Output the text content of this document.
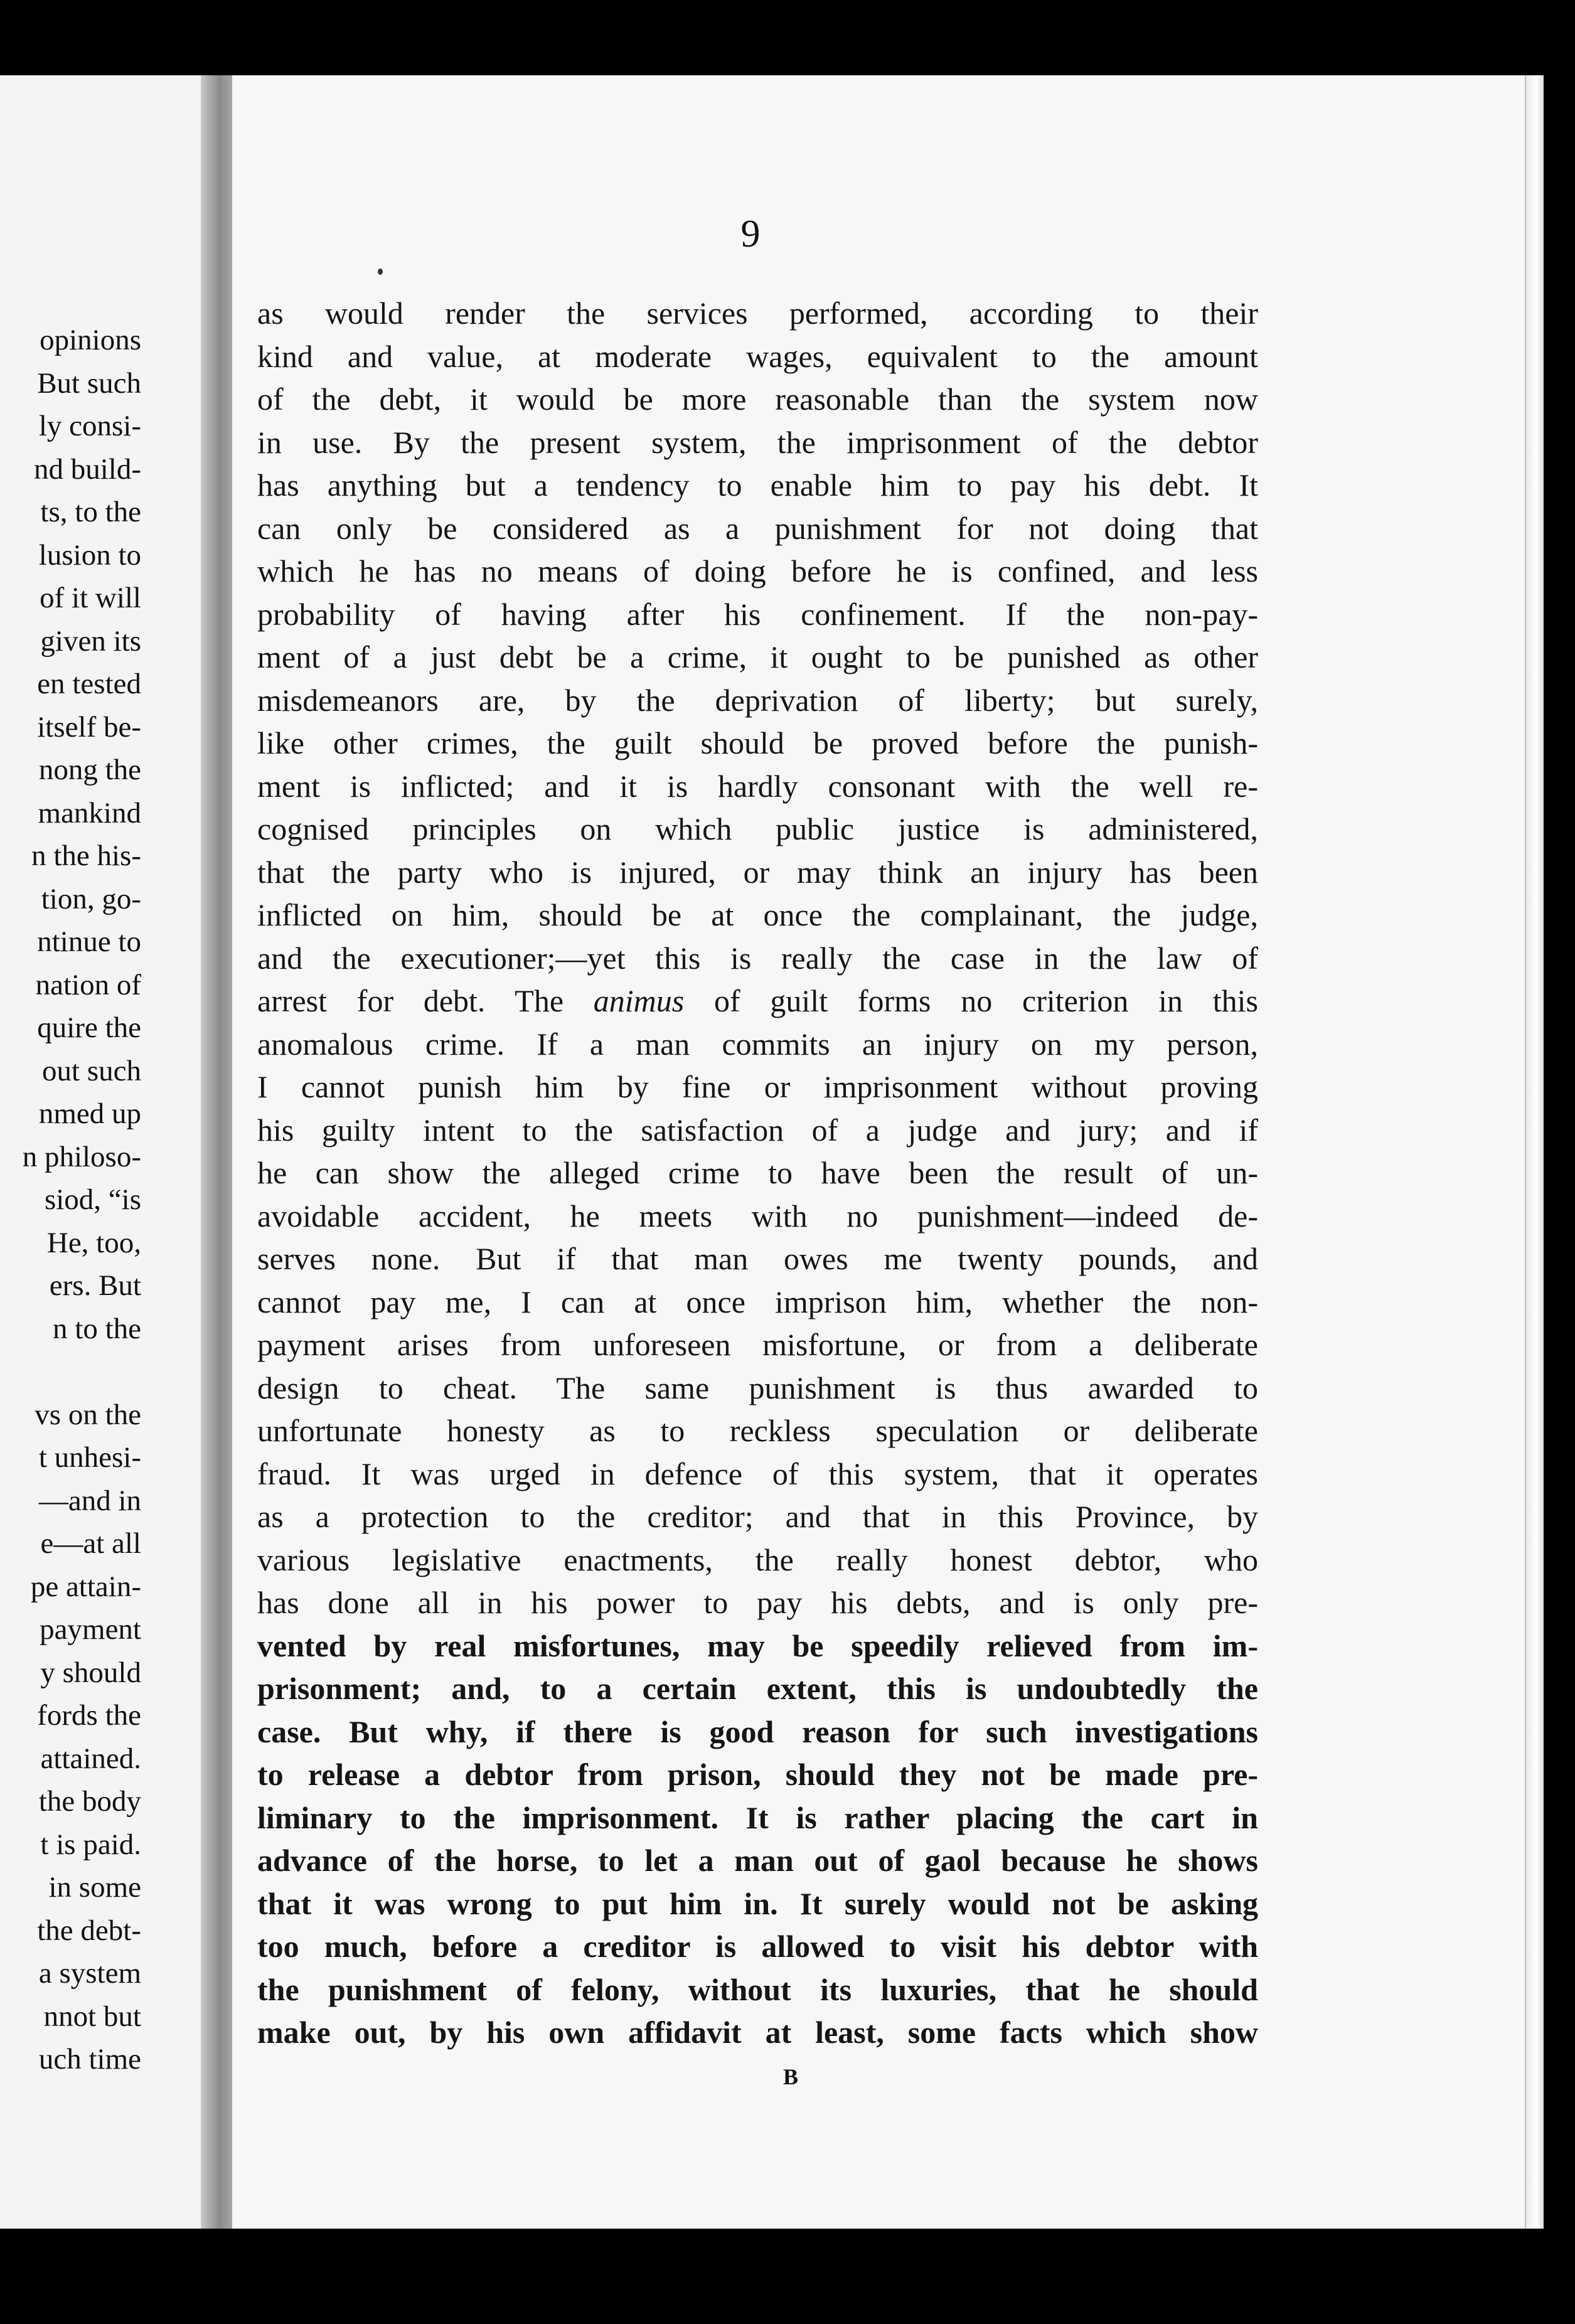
opinions
But such
ly consi-
nd build-
ts, to the
lusion to
of it will
given its
en tested
itself be-
nong the
mankind
n the his-
tion, go-
ntinue to
nation of
quire the
out such
nmed up
n philoso-
siod, “is
He, too,
ers. But
n to the
vs on the
t unhesi-
—and in
e—at all
pe attain-
payment
y should
fords the
attained.
the body
t is paid.
in some
the debt-
a system
nnot but
uch time
9
as would render the services performed, according to their
kind and value, at moderate wages, equivalent to the amount
of the debt, it would be more reasonable than the system now
in use. By the present system, the imprisonment of the debtor
has anything but a tendency to enable him to pay his debt. It
can only be considered as a punishment for not doing that
which he has no means of doing before he is confined, and less
probability of having after his confinement. If the non-pay-
ment of a just debt be a crime, it ought to be punished as other
misdemeanors are, by the deprivation of liberty; but surely,
like other crimes, the guilt should be proved before the punish-
ment is inflicted; and it is hardly consonant with the well re-
cognised principles on which public justice is administered,
that the party who is injured, or may think an injury has been
inflicted on him, should be at once the complainant, the judge,
and the executioner;—yet this is really the case in the law of
arrest for debt. The animus of guilt forms no criterion in this
anomalous crime. If a man commits an injury on my person,
I cannot punish him by fine or imprisonment without proving
his guilty intent to the satisfaction of a judge and jury; and if
he can show the alleged crime to have been the result of un-
avoidable accident, he meets with no punishment—indeed de-
serves none. But if that man owes me twenty pounds, and
cannot pay me, I can at once imprison him, whether the non-
payment arises from unforeseen misfortune, or from a deliberate
design to cheat. The same punishment is thus awarded to
unfortunate honesty as to reckless speculation or deliberate
fraud. It was urged in defence of this system, that it operates
as a protection to the creditor; and that in this Province, by
various legislative enactments, the really honest debtor, who
has done all in his power to pay his debts, and is only pre-
vented by real misfortunes, may be speedily relieved from im-
prisonment; and, to a certain extent, this is undoubtedly the
case. But why, if there is good reason for such investigations
to release a debtor from prison, should they not be made pre-
liminary to the imprisonment. It is rather placing the cart in
advance of the horse, to let a man out of gaol because he shows
that it was wrong to put him in. It surely would not be asking
too much, before a creditor is allowed to visit his debtor with
the punishment of felony, without its luxuries, that he should
make out, by his own affidavit at least, some facts which show
B
